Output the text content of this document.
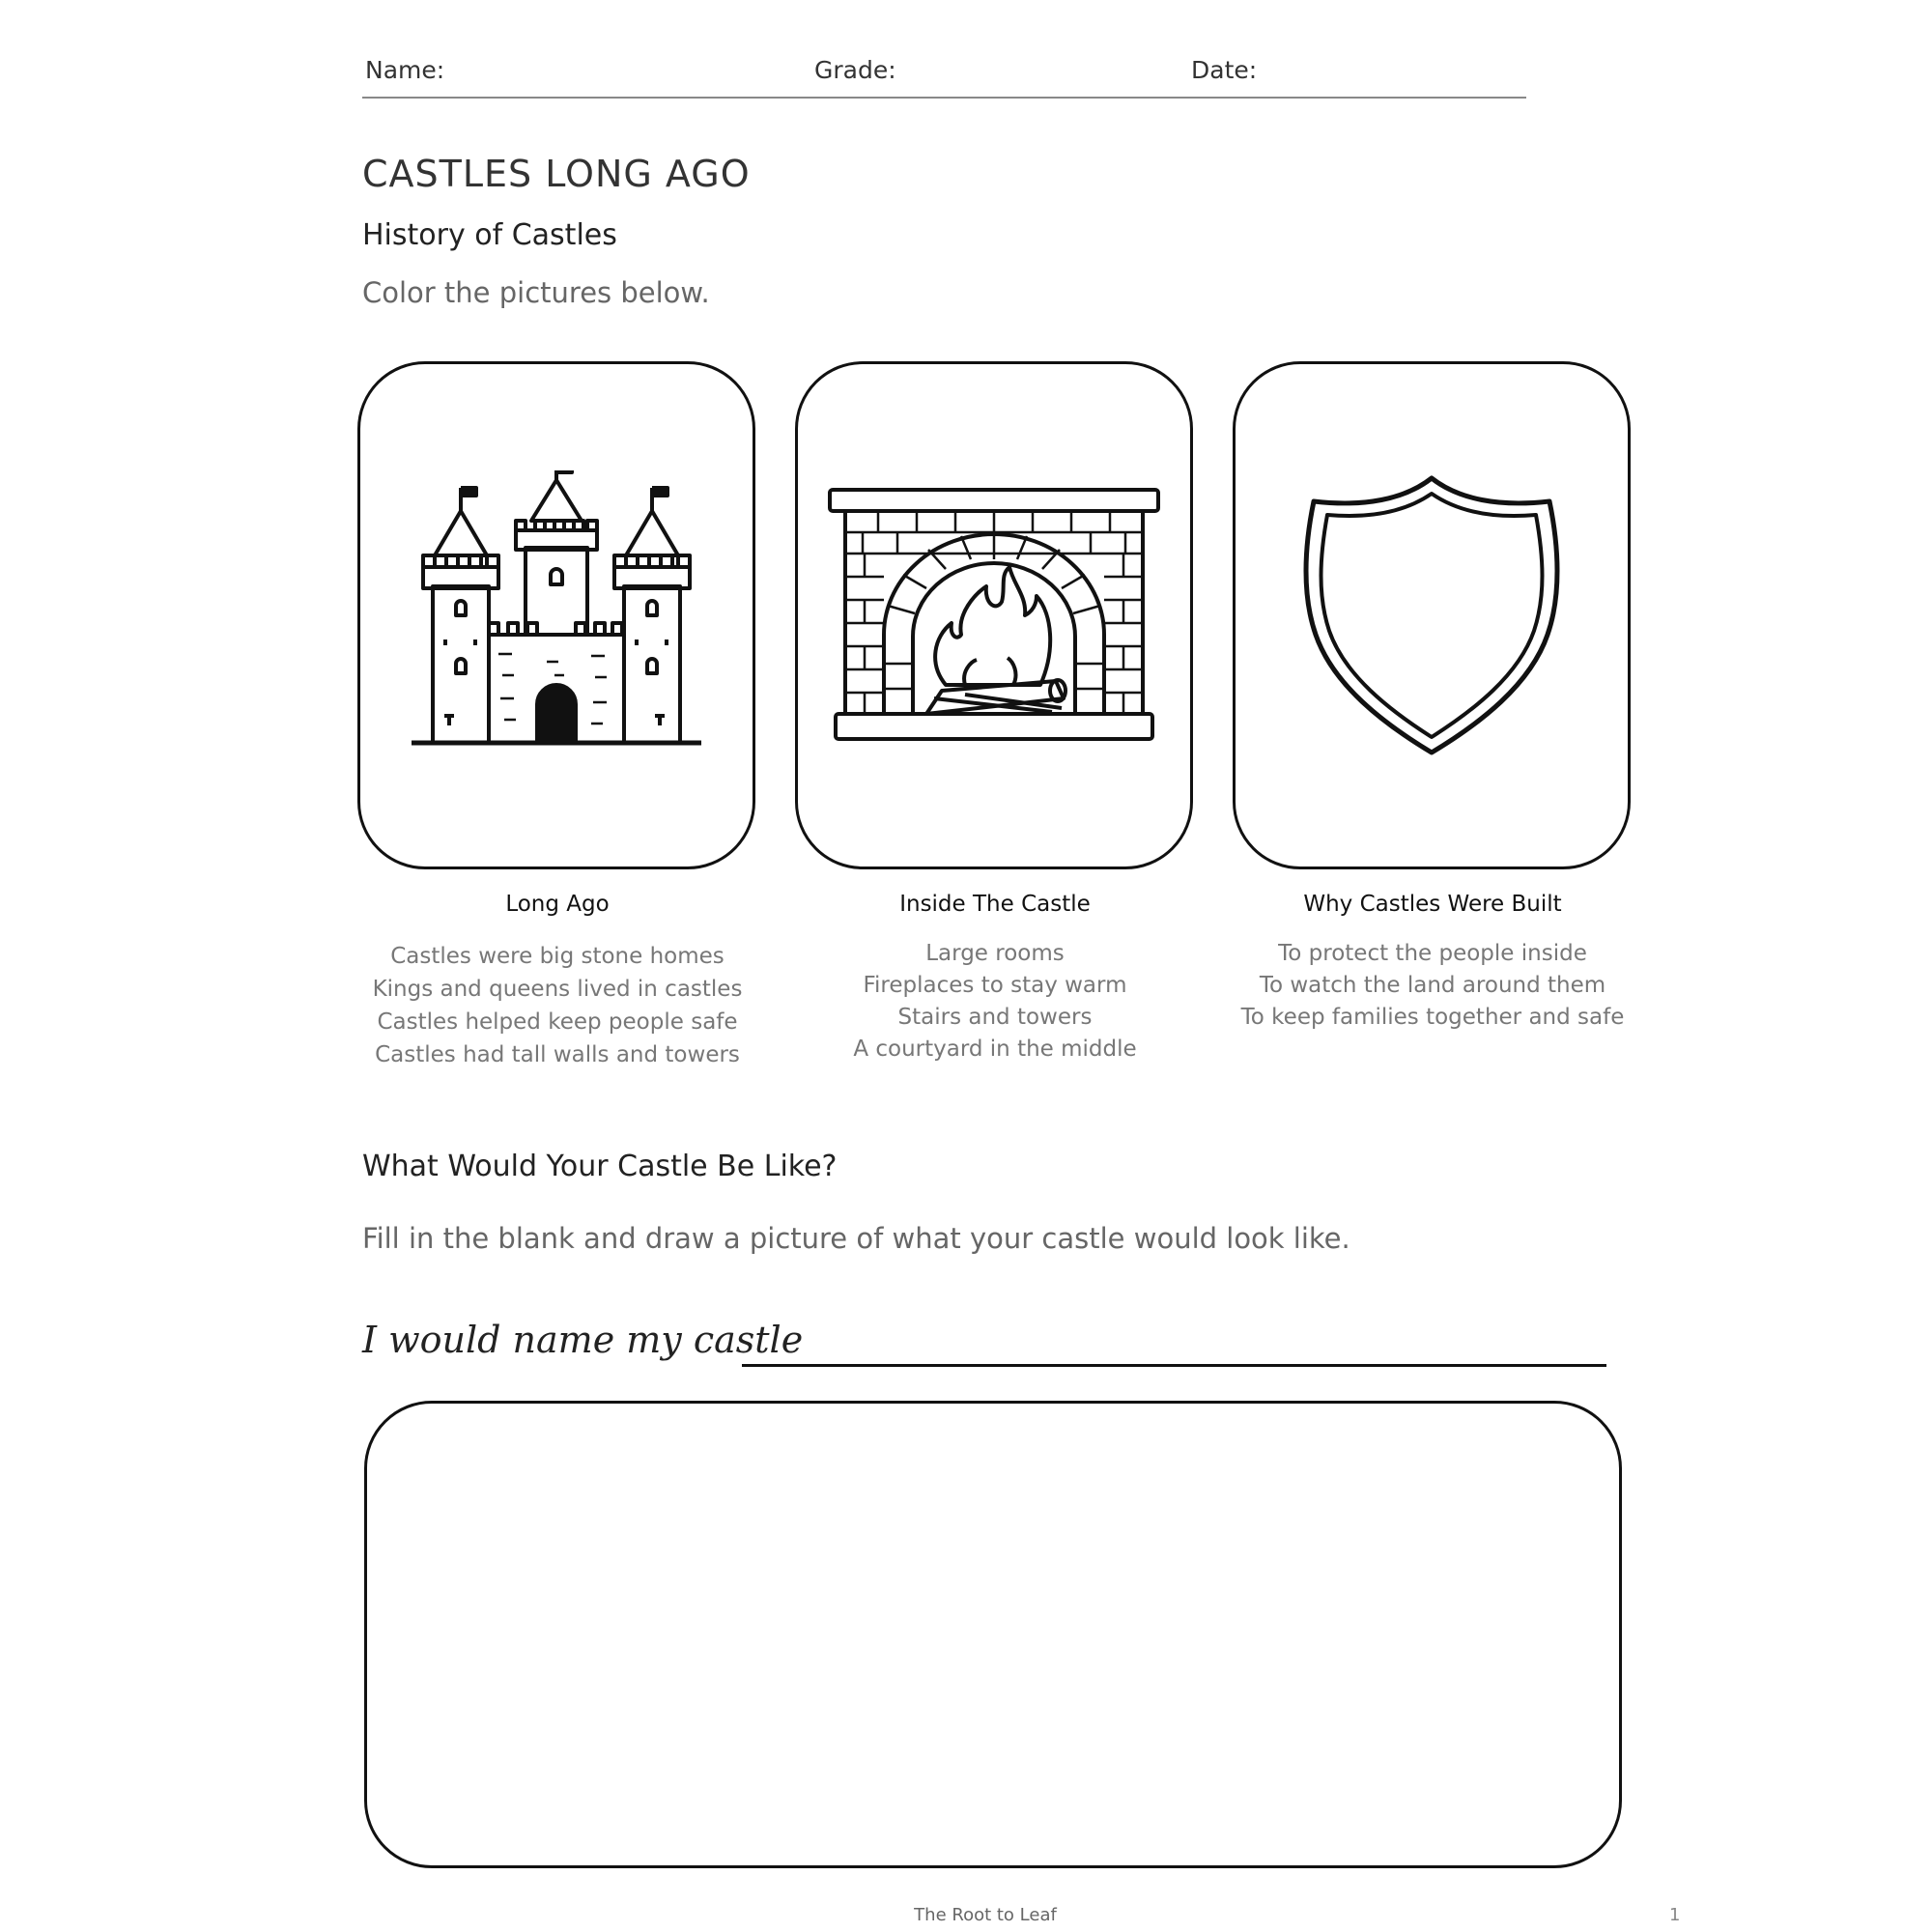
Name:	Grade:	Date:
CASTLES LONG AGO
History of Castles
Color the pictures below.
Long Ago	Inside The Castle	Why Castles Were Built
Castles were big stone homes
Kings and queens lived in castles
Castles helped keep people safe
Castles had tall walls and towers
Large rooms
Fireplaces to stay warm
Stairs and towers
A courtyard in the middle
To protect the people inside
To watch the land around them
To keep families together and safe
What Would Your Castle Be Like?
Fill in the blank and draw a picture of what your castle would look like.
I would name my castle
The Root to Leaf	1
